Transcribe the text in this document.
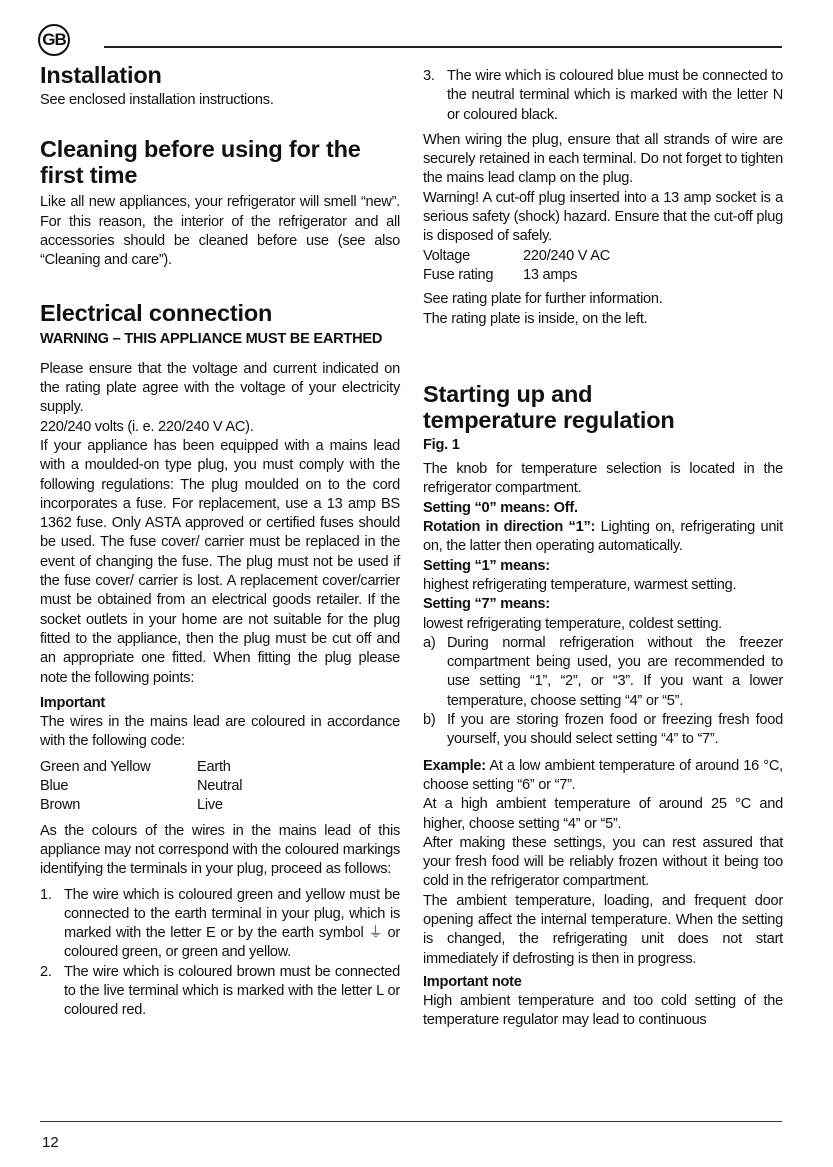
GB
Installation

See enclosed installation instructions.

Cleaning before using for the first time

Like all new appliances, your refrigerator will smell “new”. For this reason, the interior of the refrigerator and all accessories should be cleaned before use (see also “Cleaning and care”).

Electrical connection

WARNING – THIS APPLIANCE MUST BE EARTHED

Please ensure that the voltage and current indicated on the rating plate agree with the voltage of your electricity supply.

220/240 volts (i. e. 220/240 V AC).

If your appliance has been equipped with a mains lead with a moulded-on type plug, you must comply with the following regulations: The plug moulded on to the cord incorporates a fuse. For replacement, use a 13 amp BS 1362 fuse. Only ASTA approved or certified fuses should be used. The fuse cover/ carrier must be replaced in the event of changing the fuse. The plug must not be used if the fuse cover/ carrier is lost. A replacement cover/carrier must be obtained from an electrical goods retailer. If the socket outlets in your home are not suitable for the plug fitted to the appliance, then the plug must be cut off and an appropriate one fitted. When fitting the plug please note the following points:

Important

The wires in the mains lead are coloured in accordance with the following code:

Green and Yellow	Earth
Blue	Neutral
Brown	Live

As the colours of the wires in the mains lead of this appliance may not correspond with the coloured markings identifying the terminals in your plug, proceed as follows:

1. The wire which is coloured green and yellow must be connected to the earth terminal in your plug, which is marked with the letter E or by the earth symbol ⏚ or coloured green, or green and yellow.
2. The wire which is coloured brown must be connected to the live terminal which is marked with the letter L or coloured red.
3. The wire which is coloured blue must be connected to the neutral terminal which is marked with the letter N or coloured black.

When wiring the plug, ensure that all strands of wire are securely retained in each terminal. Do not forget to tighten the mains lead clamp on the plug.

Warning! A cut-off plug inserted into a 13 amp socket is a serious safety (shock) hazard. Ensure that the cut-off plug is disposed of safely.

Voltage	220/240 V AC
Fuse rating	13 amps

See rating plate for further information.

The rating plate is inside, on the left.

Starting up and temperature regulation

Fig. 1

The knob for temperature selection is located in the refrigerator compartment.

Setting “0” means: Off.

Rotation in direction “1”: Lighting on, refrigerating unit on, the latter then operating automatically.

Setting “1” means:

highest refrigerating temperature, warmest setting.

Setting “7” means:

lowest refrigerating temperature, coldest setting.

a) During normal refrigeration without the freezer compartment being used, you are recommended to use setting “1”, “2”, or “3”. If you want a lower temperature, choose setting “4” or “5”.
b) If you are storing frozen food or freezing fresh food yourself, you should select setting “4” to “7”.

Example: At a low ambient temperature of around 16 °C, choose setting “6” or “7”.

At a high ambient temperature of around 25 °C and higher, choose setting “4” or “5”.

After making these settings, you can rest assured that your fresh food will be reliably frozen without it being too cold in the refrigerator compartment.

The ambient temperature, loading, and frequent door opening affect the internal temperature. When the setting is changed, the refrigerating unit does not start immediately if defrosting is then in progress.

Important note

High ambient temperature and too cold setting of the temperature regulator may lead to continuous

12
